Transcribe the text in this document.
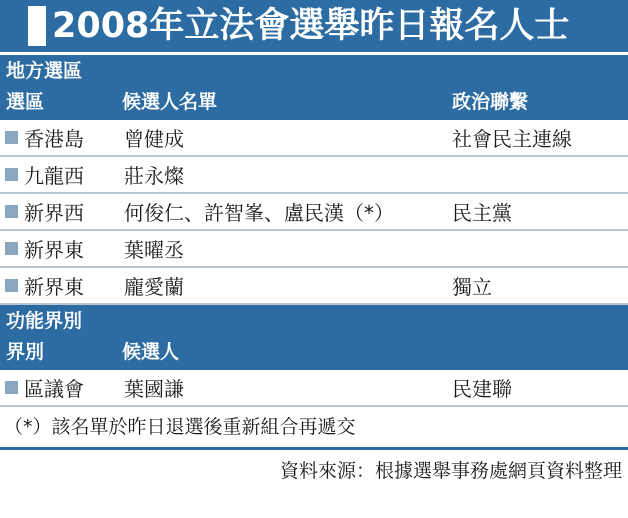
2008年立法會選舉昨日報名人士
地方選區
選區	候選人名單	政治聯繫
香港島 曾健成	社會民主連線
九龍西 莊永燦
新界西 何俊仁、許智峯、盧民漢（*）	民主黨
新界東 葉曜丞
新界東 龐愛蘭	獨立
功能界別
界別	候選人
區議會 葉國謙	民建聯
（*）該名單於昨日退選後重新組合再遞交
資料來源：根據選舉事務處網頁資料整理
